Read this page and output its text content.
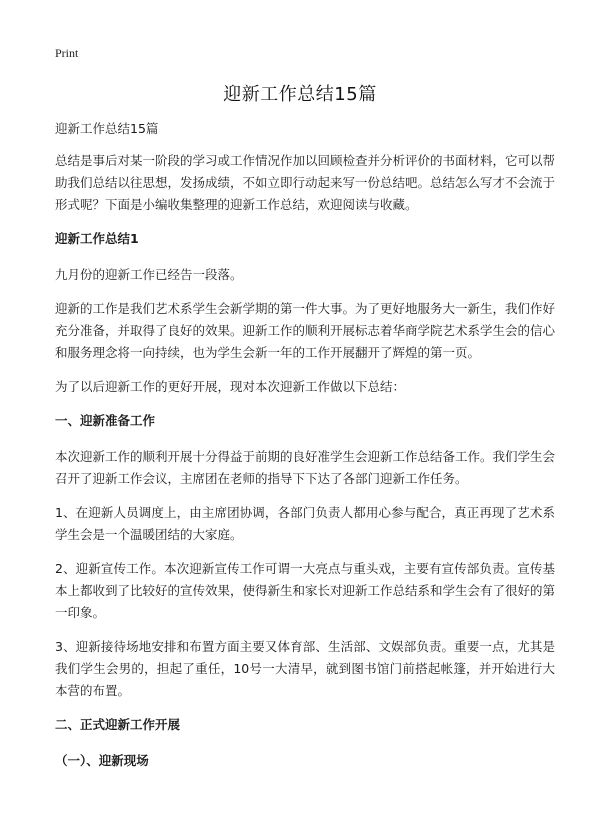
Print
迎新工作总结15篇
迎新工作总结15篇
总结是事后对某一阶段的学习或工作情况作加以回顾检查并分析评价的书面材料，它可以帮助我们总结以往思想，发扬成绩，不如立即行动起来写一份总结吧。总结怎么写才不会流于形式呢？下面是小编收集整理的迎新工作总结，欢迎阅读与收藏。
迎新工作总结1
九月份的迎新工作已经告一段落。
迎新的工作是我们艺术系学生会新学期的第一件大事。为了更好地服务大一新生，我们作好充分准备，并取得了良好的效果。迎新工作的顺利开展标志着华商学院艺术系学生会的信心和服务理念将一向持续，也为学生会新一年的工作开展翻开了辉煌的第一页。
为了以后迎新工作的更好开展，现对本次迎新工作做以下总结：
一、迎新准备工作
本次迎新工作的顺利开展十分得益于前期的良好准学生会迎新工作总结备工作。我们学生会召开了迎新工作会议，主席团在老师的指导下下达了各部门迎新工作任务。
1、在迎新人员调度上，由主席团协调，各部门负责人都用心参与配合，真正再现了艺术系学生会是一个温暖团结的大家庭。
2、迎新宣传工作。本次迎新宣传工作可谓一大亮点与重头戏，主要有宣传部负责。宣传基本上都收到了比较好的宣传效果，使得新生和家长对迎新工作总结系和学生会有了很好的第一印象。
3、迎新接待场地安排和布置方面主要又体育部、生活部、文娱部负责。重要一点，尤其是我们学生会男的，担起了重任，10号一大清早，就到图书馆门前搭起帐篷，并开始进行大本营的布置。
二、正式迎新工作开展
（一）、迎新现场
